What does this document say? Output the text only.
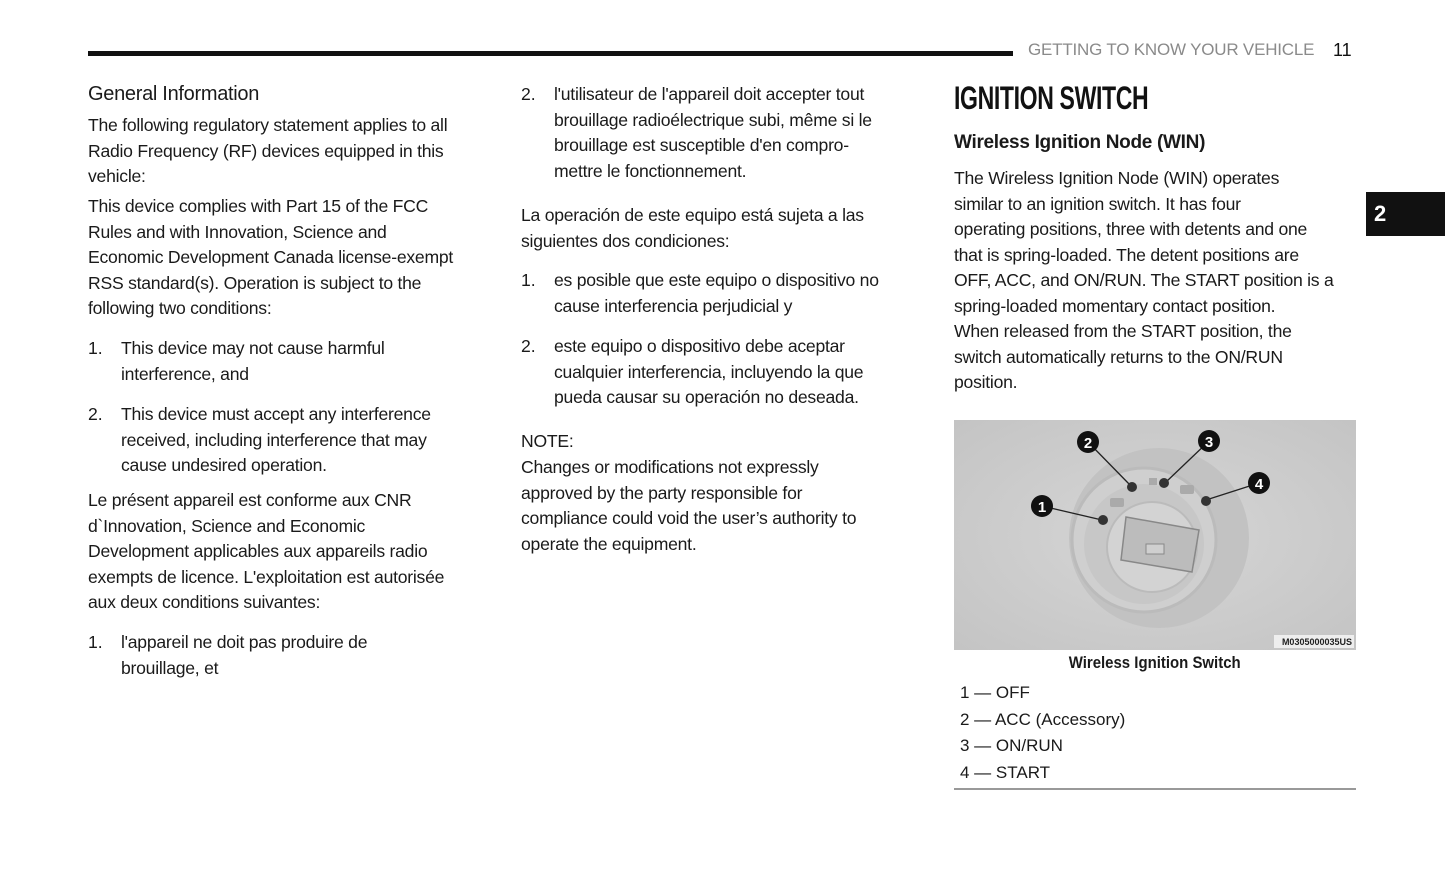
GETTING TO KNOW YOUR VEHICLE 11
2
General Information
The following regulatory statement applies to all
Radio Frequency (RF) devices equipped in this
vehicle:
This device complies with Part 15 of the FCC
Rules and with Innovation, Science and
Economic Development Canada license-exempt
RSS standard(s). Operation is subject to the
following two conditions:
1. This device may not cause harmful
interference, and
2. This device must accept any interference
received, including interference that may
cause undesired operation.
Le présent appareil est conforme aux CNR
d`Innovation, Science and Economic
Development applicables aux appareils radio
exempts de licence. L'exploitation est autorisée
aux deux conditions suivantes:
1. l'appareil ne doit pas produire de
brouillage, et
2. l'utilisateur de l'appareil doit accepter tout
brouillage radioélectrique subi, même si le
brouillage est susceptible d'en compro-
mettre le fonctionnement.
La operación de este equipo está sujeta a las
siguientes dos condiciones:
1. es posible que este equipo o dispositivo no
cause interferencia perjudicial y
2. este equipo o dispositivo debe aceptar
cualquier interferencia, incluyendo la que
pueda causar su operación no deseada.
NOTE:
Changes or modifications not expressly
approved by the party responsible for
compliance could void the user’s authority to
operate the equipment.
IGNITION SWITCH
Wireless Ignition Node (WIN)
The Wireless Ignition Node (WIN) operates
similar to an ignition switch. It has four
operating positions, three with detents and one
that is spring-loaded. The detent positions are
OFF, ACC, and ON/RUN. The START position is a
spring-loaded momentary contact position.
When released from the START position, the
switch automatically returns to the ON/RUN
position.
1
2	3
4
M0305000035US
Wireless Ignition Switch
1 — OFF
2 — ACC (Accessory)
3 — ON/RUN
4 — START
